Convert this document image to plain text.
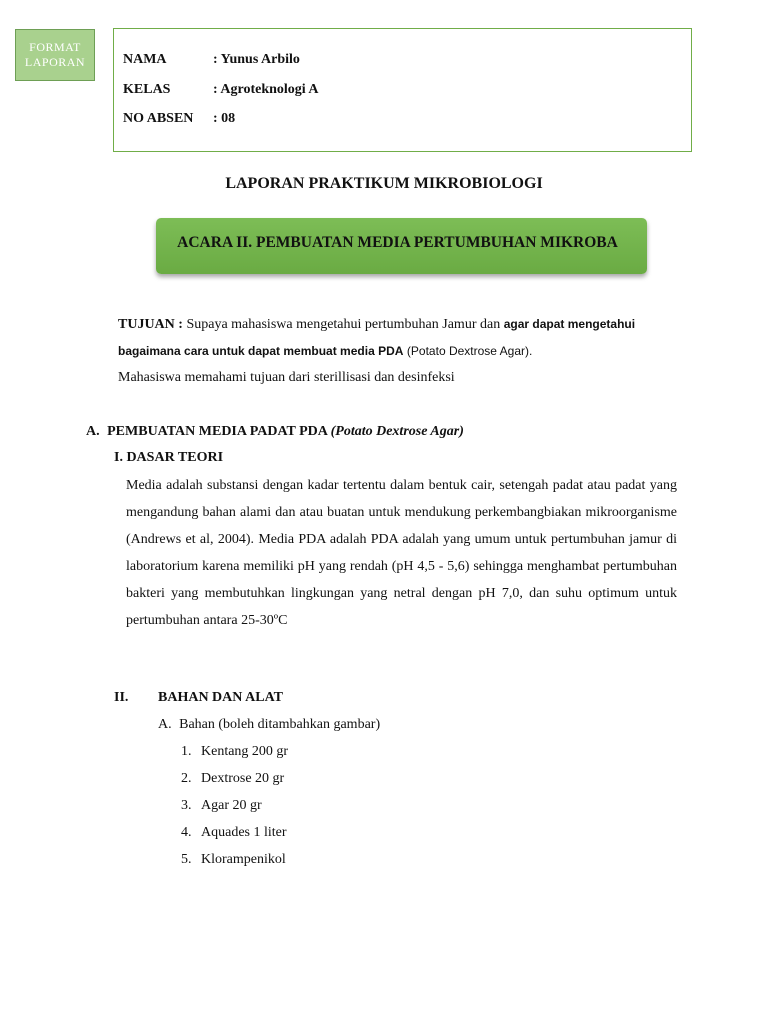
FORMAT
LAPORAN	NAMA	: Yunus Arbilo
KELAS	: Agroteknologi A
NO ABSEN : 08
LAPORAN PRAKTIKUM MIKROBIOLOGI
ACARA II. PEMBUATAN MEDIA PERTUMBUHAN MIKROBA
TUJUAN : Supaya mahasiswa mengetahui pertumbuhan Jamur dan agar dapat mengetahui
bagaimana cara untuk dapat membuat media PDA (Potato Dextrose Agar).
Mahasiswa memahami tujuan dari sterillisasi dan desinfeksi
A. PEMBUATAN MEDIA PADAT PDA (Potato Dextrose Agar)
I. DASAR TEORI
Media adalah substansi dengan kadar tertentu dalam bentuk cair, setengah padat atau padat yang mengandung bahan alami dan atau buatan untuk mendukung perkembangbiakan mikroorganisme (Andrews et al, 2004). Media PDA adalah PDA adalah yang umum untuk pertumbuhan jamur di laboratorium karena memiliki pH yang rendah (pH 4,5 - 5,6) sehingga menghambat pertumbuhan bakteri yang membutuhkan lingkungan yang netral dengan pH 7,0, dan suhu optimum untuk pertumbuhan antara 25-30ºC
II. BAHAN DAN ALAT
A. Bahan (boleh ditambahkan gambar)
1. Kentang 200 gr
2. Dextrose 20 gr
3. Agar 20 gr
4. Aquades 1 liter
5. Klorampenikol
